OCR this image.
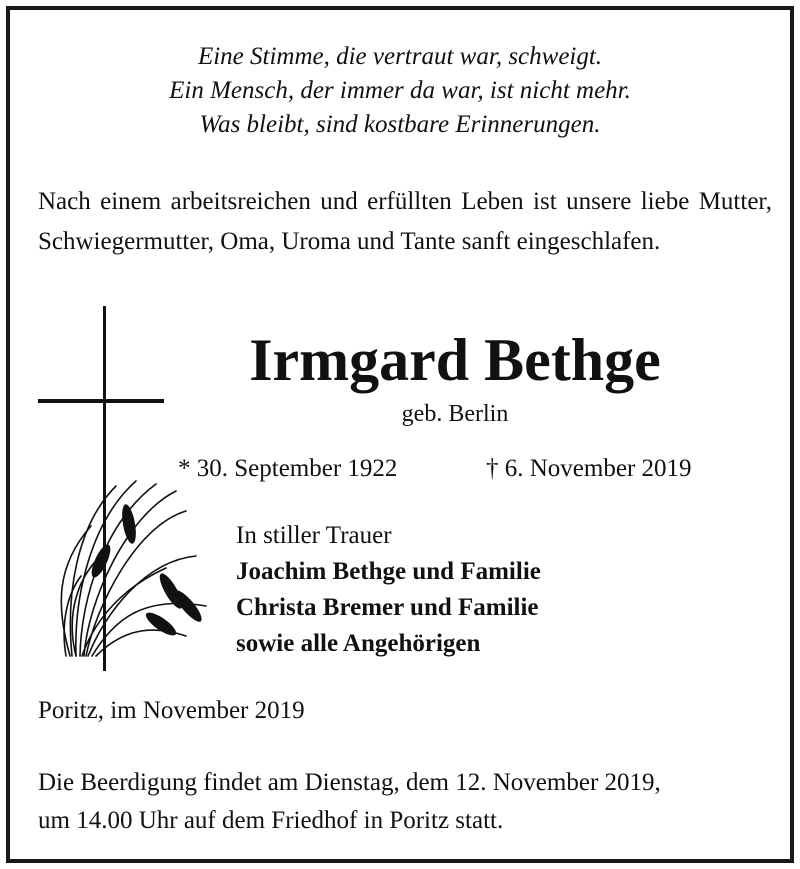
Eine Stimme, die vertraut war, schweigt.
Ein Mensch, der immer da war, ist nicht mehr.
Was bleibt, sind kostbare Erinnerungen.
Nach einem arbeitsreichen und erfüllten Leben ist unsere liebe Mutter, Schwiegermutter, Oma, Uroma und Tante sanft eingeschlafen.
Irmgard Bethge
geb. Berlin
* 30. September 1922	† 6. November 2019
In stiller Trauer
Joachim Bethge und Familie
Christa Bremer und Familie
sowie alle Angehörigen
Poritz, im November 2019
Die Beerdigung findet am Dienstag, dem 12. November 2019,
um 14.00 Uhr auf dem Friedhof in Poritz statt.
